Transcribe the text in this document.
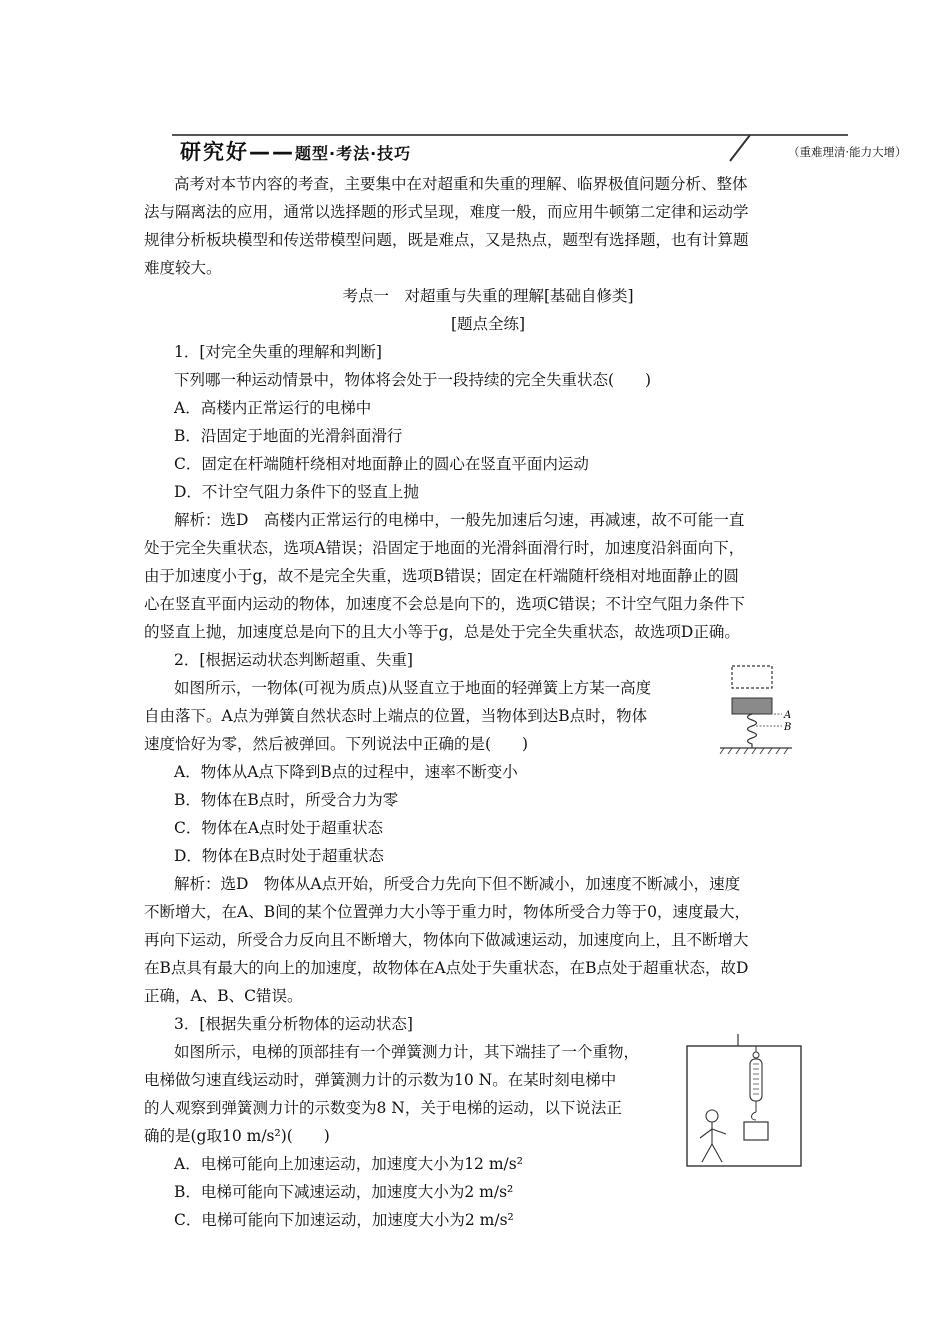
研究好——题型·考法·技巧	（重难理清·能力大增）
高考对本节内容的考查，主要集中在对超重和失重的理解、临界极值问题分析、整体
法与隔离法的应用，通常以选择题的形式呈现，难度一般，而应用牛顿第二定律和运动学
规律分析板块模型和传送带模型问题，既是难点，又是热点，题型有选择题，也有计算题
难度较大。
考点一　对超重与失重的理解[基础自修类]
[题点全练]
1．[对完全失重的理解和判断]
下列哪一种运动情景中，物体将会处于一段持续的完全失重状态(　　)
A．高楼内正常运行的电梯中
B．沿固定于地面的光滑斜面滑行
C．固定在杆端随杆绕相对地面静止的圆心在竖直平面内运动
D．不计空气阻力条件下的竖直上抛
解析：选D　高楼内正常运行的电梯中，一般先加速后匀速，再减速，故不可能一直
处于完全失重状态，选项A错误；沿固定于地面的光滑斜面滑行时，加速度沿斜面向下，
由于加速度小于g，故不是完全失重，选项B错误；固定在杆端随杆绕相对地面静止的圆
心在竖直平面内运动的物体，加速度不会总是向下的，选项C错误；不计空气阻力条件下
的竖直上抛，加速度总是向下的且大小等于g，总是处于完全失重状态，故选项D正确。
2．[根据运动状态判断超重、失重]
如图所示，一物体(可视为质点)从竖直立于地面的轻弹簧上方某一高度
自由落下。A点为弹簧自然状态时上端点的位置，当物体到达B点时，物体
速度恰好为零，然后被弹回。下列说法中正确的是(　　)
A．物体从A点下降到B点的过程中，速率不断变小
B．物体在B点时，所受合力为零
C．物体在A点时处于超重状态
D．物体在B点时处于超重状态
解析：选D　物体从A点开始，所受合力先向下但不断减小，加速度不断减小，速度
不断增大，在A、B间的某个位置弹力大小等于重力时，物体所受合力等于0，速度最大，
再向下运动，所受合力反向且不断增大，物体向下做减速运动，加速度向上，且不断增大
在B点具有最大的向上的加速度，故物体在A点处于失重状态，在B点处于超重状态，故D
正确，A、B、C错误。
A
B
3．[根据失重分析物体的运动状态]
如图所示，电梯的顶部挂有一个弹簧测力计，其下端挂了一个重物，
电梯做匀速直线运动时，弹簧测力计的示数为10 N。在某时刻电梯中
的人观察到弹簧测力计的示数变为8 N，关于电梯的运动，以下说法正
确的是(g取10 m/s²)(　　)
A．电梯可能向上加速运动，加速度大小为12 m/s²
B．电梯可能向下减速运动，加速度大小为2 m/s²
C．电梯可能向下加速运动，加速度大小为2 m/s²
